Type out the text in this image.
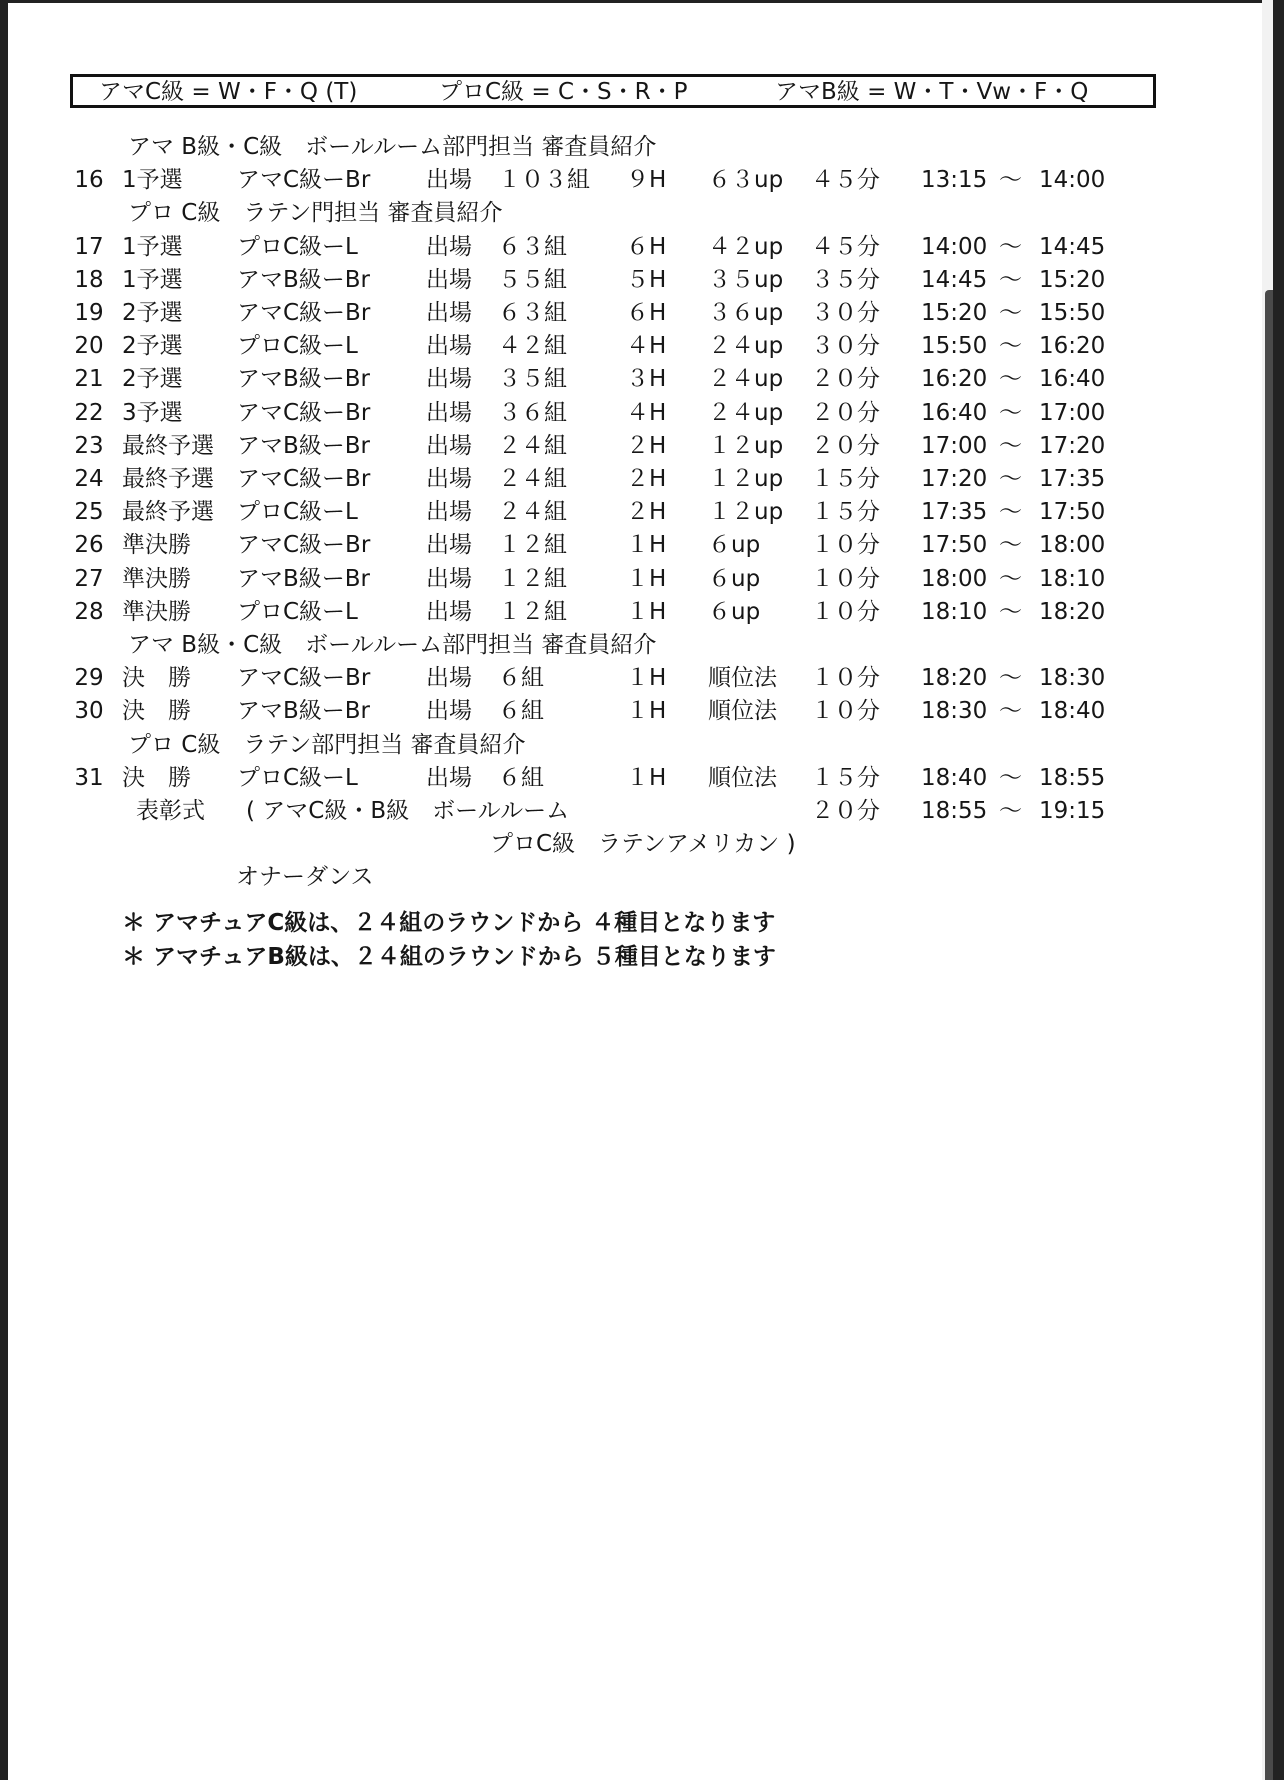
アマC級 = W・F・Q (T)	プロC級 = C・S・R・P	アマB級 = W・T・Vw・F・Q
アマ B級・C級　ボールルーム部門担当 審査員紹介
16 1予選 アマC級ーBr 出場 １０３組 ９H ６３up ４５分 13:15 ～ 14:00
プロ C級　ラテン門担当 審査員紹介
17 1予選 プロC級ーL	出場 ６３組	６H ４２up ４５分 14:00 ～ 14:45
18 1予選 アマB級ーBr 出場 ５５組	５H ３５up ３５分 14:45 ～ 15:20
19 2予選 アマC級ーBr 出場 ６３組	６H ３６up ３０分 15:20 ～ 15:50
20 2予選 プロC級ーL	出場 ４２組	４H ２４up ３０分 15:50 ～ 16:20
21 2予選 アマB級ーBr 出場 ３５組	３H ２４up ２０分 16:20 ～ 16:40
22 3予選 アマC級ーBr 出場 ３６組	４H ２４up ２０分 16:40 ～ 17:00
23 最終予選 アマB級ーBr 出場 ２４組	２H １２up ２０分 17:00 ～ 17:20
24 最終予選 アマC級ーBr 出場 ２４組	２H １２up １５分 17:20 ～ 17:35
25 最終予選 プロC級ーL	出場 ２４組	２H １２up １５分 17:35 ～ 17:50
26 準決勝 アマC級ーBr 出場 １２組	１H ６up １０分 17:50 ～ 18:00
27 準決勝 アマB級ーBr 出場 １２組	１H ６up １０分 18:00 ～ 18:10
28 準決勝 プロC級ーL	出場 １２組	１H ６up １０分 18:10 ～ 18:20
アマ B級・C級　ボールルーム部門担当 審査員紹介
29 決　勝 アマC級ーBr 出場 ６組	１H 順位法 １０分 18:20 ～ 18:30
30 決　勝 アマB級ーBr 出場 ６組	１H 順位法 １０分 18:30 ～ 18:40
プロ C級　ラテン部門担当 審査員紹介
31 決　勝 プロC級ーL	出場 ６組	１H 順位法 １５分 18:40 ～ 18:55
表彰式 ( アマC級・B級　ボールルーム	２０分 18:55 ～ 19:15
プロC級　ラテンアメリカン )
オナーダンス
＊ アマチュアC級は、２４組のラウンドから ４種目となります
＊ アマチュアB級は、２４組のラウンドから ５種目となります
